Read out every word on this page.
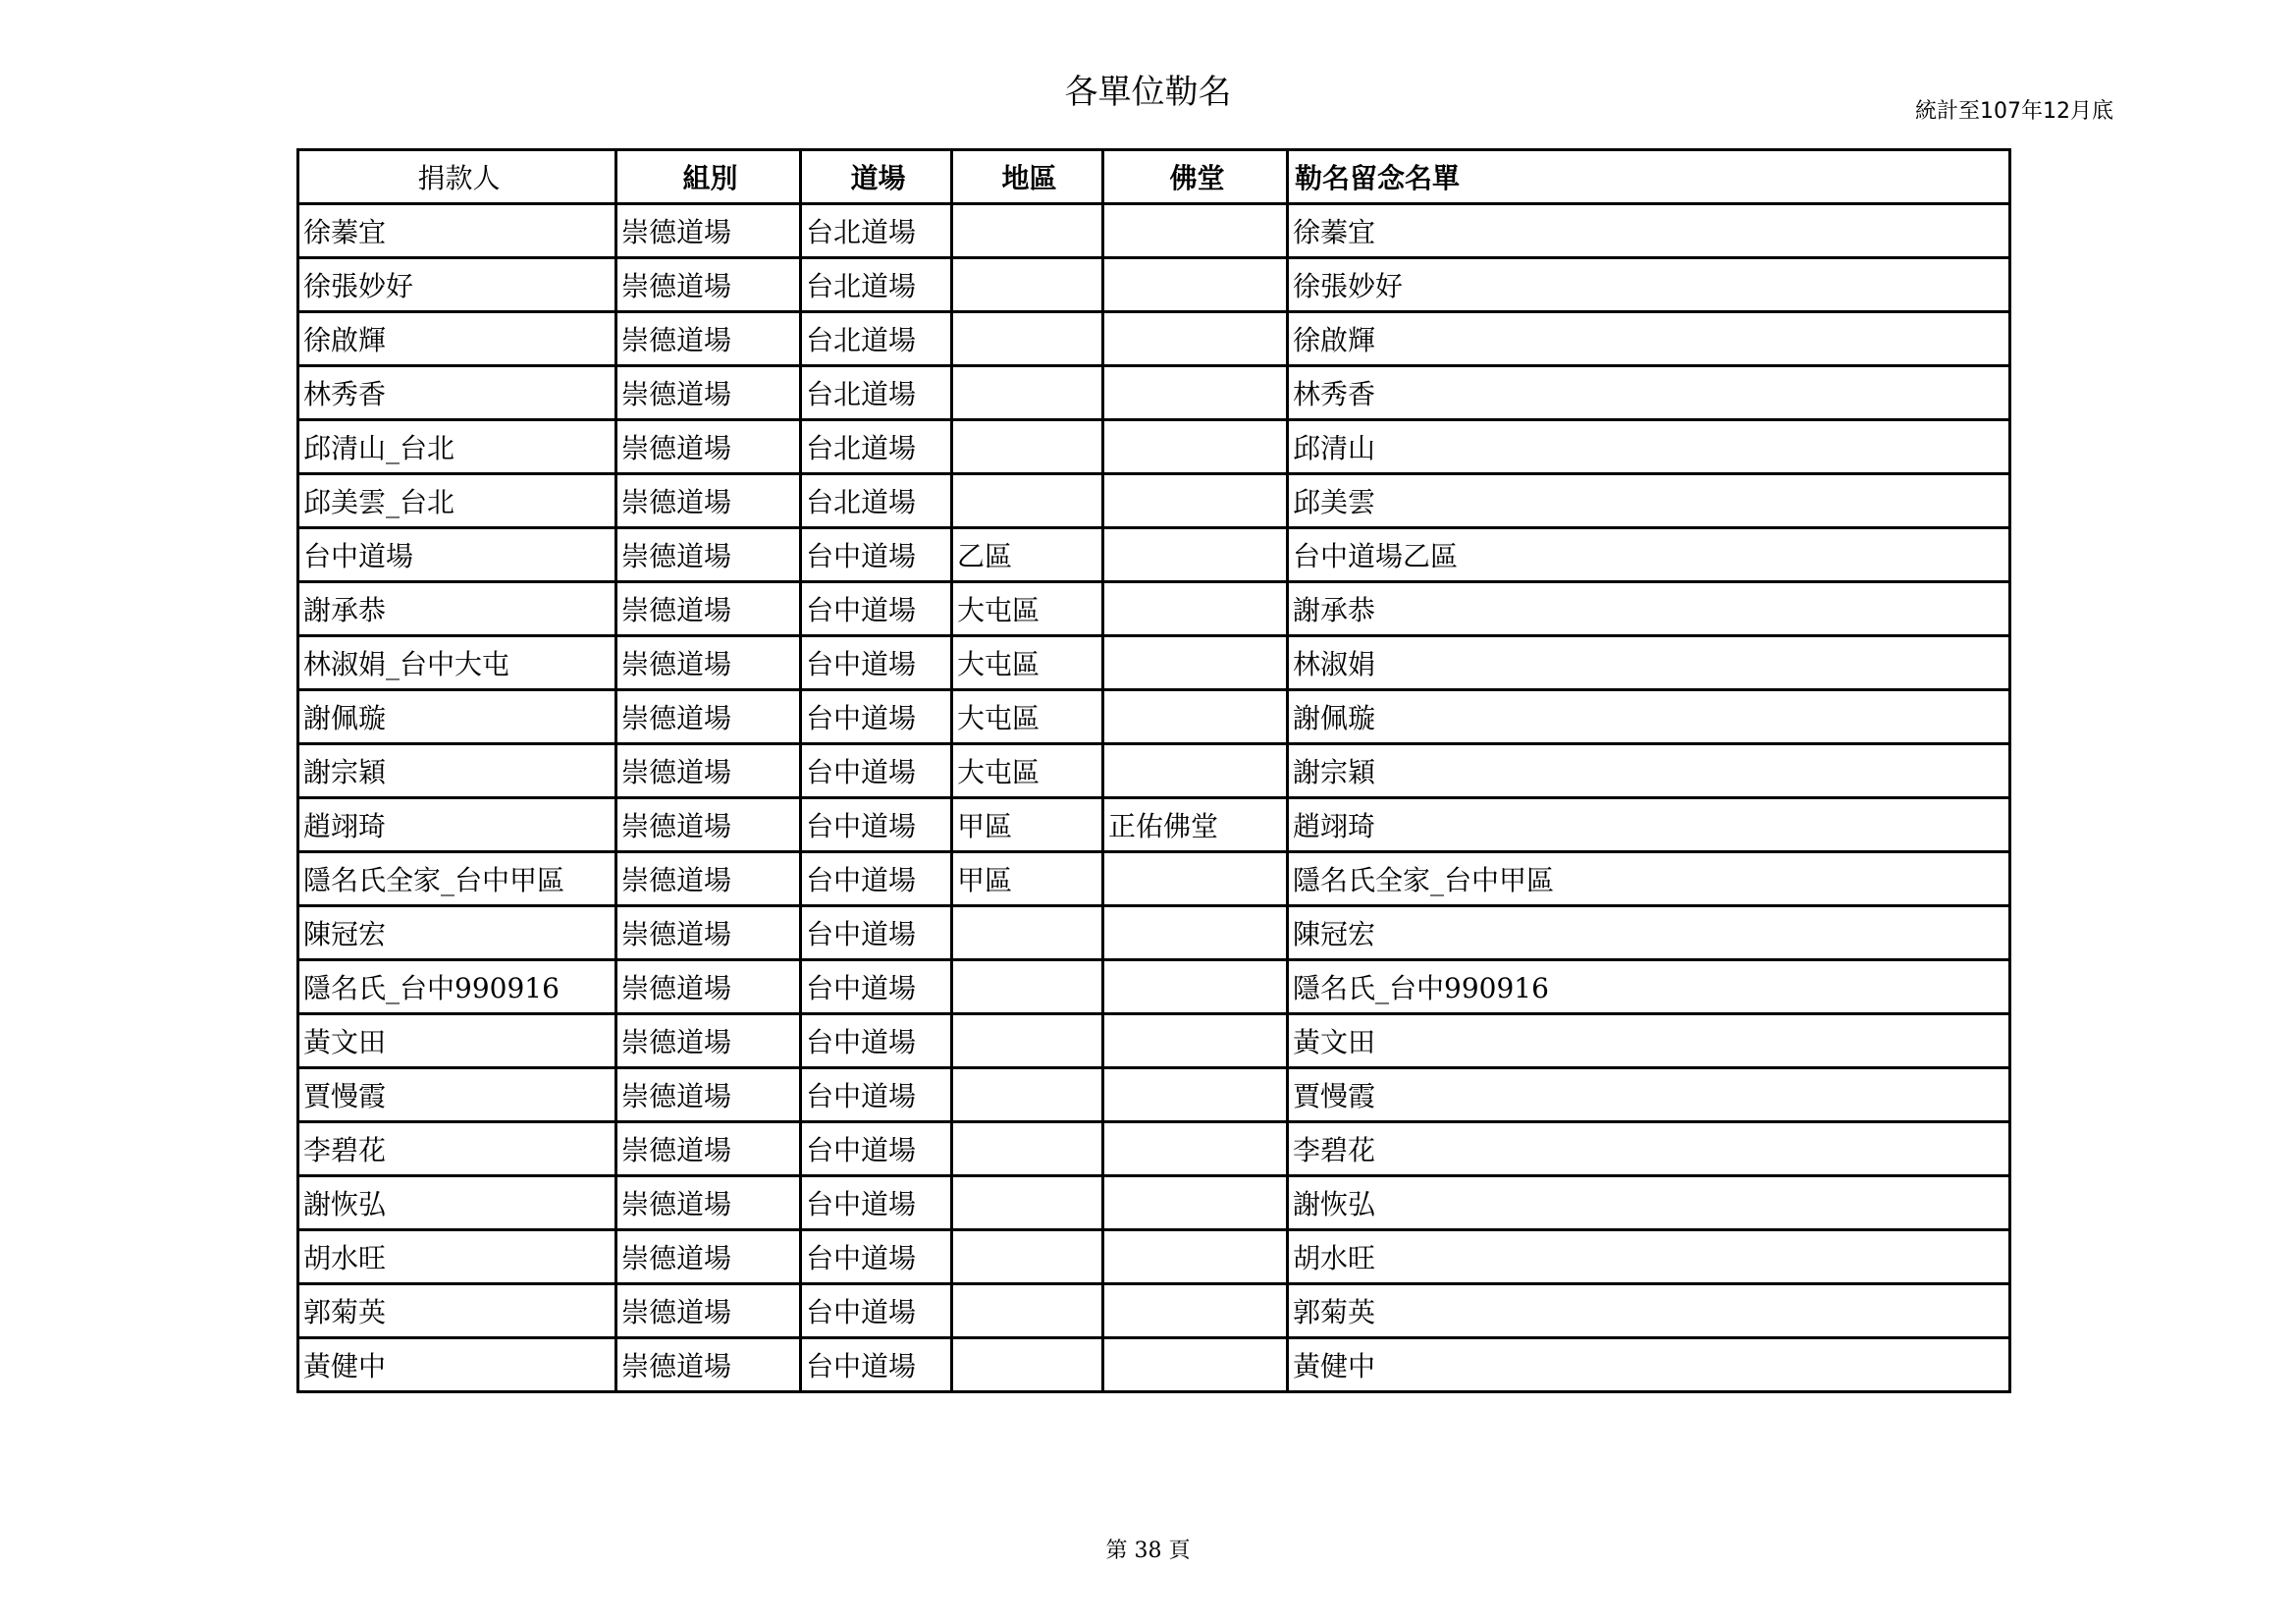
各單位勒名	統計至107年12月底
捐款人	組別	道場	地區	佛堂	勒名留念名單
徐蓁宜	崇德道場	台北道場			徐蓁宜
徐張妙好	崇德道場	台北道場			徐張妙好
徐啟輝	崇德道場	台北道場			徐啟輝
林秀香	崇德道場	台北道場			林秀香
邱清山_台北	崇德道場	台北道場			邱清山
邱美雲_台北	崇德道場	台北道場			邱美雲
台中道場	崇德道場	台中道場	乙區		台中道場乙區
謝承恭	崇德道場	台中道場	大屯區		謝承恭
林淑娟_台中大屯	崇德道場	台中道場	大屯區		林淑娟
謝佩璇	崇德道場	台中道場	大屯區		謝佩璇
謝宗穎	崇德道場	台中道場	大屯區		謝宗穎
趙翊琦	崇德道場	台中道場	甲區	正佑佛堂	趙翊琦
隱名氏全家_台中甲區	崇德道場	台中道場	甲區		隱名氏全家_台中甲區
陳冠宏	崇德道場	台中道場			陳冠宏
隱名氏_台中990916	崇德道場	台中道場			隱名氏_台中990916
黃文田	崇德道場	台中道場			黃文田
賈慢霞	崇德道場	台中道場			賈慢霞
李碧花	崇德道場	台中道場			李碧花
謝恢弘	崇德道場	台中道場			謝恢弘
胡水旺	崇德道場	台中道場			胡水旺
郭菊英	崇德道場	台中道場			郭菊英
黃健中	崇德道場	台中道場			黃健中
第 38 頁
